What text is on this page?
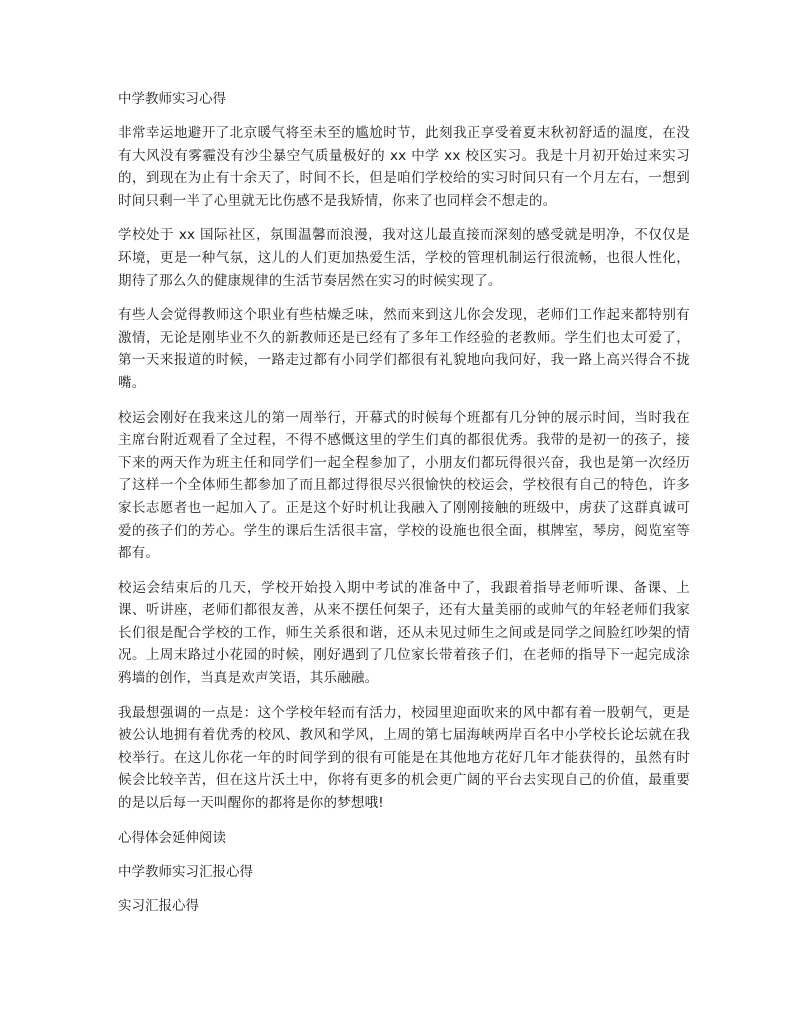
中学教师实习心得

非常幸运地避开了北京暖气将至未至的尴尬时节，此刻我正享受着夏末秋初舒适的温度，在没有大风没有雾霾没有沙尘暴空气质量极好的 xx 中学 xx 校区实习。我是十月初开始过来实习的，到现在为止有十余天了，时间不长，但是咱们学校给的实习时间只有一个月左右，一想到时间只剩一半了心里就无比伤感不是我矫情，你来了也同样会不想走的。

学校处于 xx 国际社区，氛围温馨而浪漫，我对这儿最直接而深刻的感受就是明净，不仅仅是环境，更是一种气氛，这儿的人们更加热爱生活，学校的管理机制运行很流畅，也很人性化，期待了那么久的健康规律的生活节奏居然在实习的时候实现了。

有些人会觉得教师这个职业有些枯燥乏味，然而来到这儿你会发现，老师们工作起来都特别有激情，无论是刚毕业不久的新教师还是已经有了多年工作经验的老教师。学生们也太可爱了，第一天来报道的时候，一路走过都有小同学们都很有礼貌地向我问好，我一路上高兴得合不拢嘴。

校运会刚好在我来这儿的第一周举行，开幕式的时候每个班都有几分钟的展示时间，当时我在主席台附近观看了全过程，不得不感慨这里的学生们真的都很优秀。我带的是初一的孩子，接下来的两天作为班主任和同学们一起全程参加了，小朋友们都玩得很兴奋，我也是第一次经历了这样一个全体师生都参加了而且都过得很尽兴很愉快的校运会，学校很有自己的特色，许多家长志愿者也一起加入了。正是这个好时机让我融入了刚刚接触的班级中，虏获了这群真诚可爱的孩子们的芳心。学生的课后生活很丰富，学校的设施也很全面，棋牌室，琴房，阅览室等都有。

校运会结束后的几天，学校开始投入期中考试的准备中了，我跟着指导老师听课、备课、上课、听讲座，老师们都很友善，从来不摆任何架子，还有大量美丽的或帅气的年轻老师们我家长们很是配合学校的工作，师生关系很和谐，还从未见过师生之间或是同学之间脸红吵架的情况。上周末路过小花园的时候，刚好遇到了几位家长带着孩子们，在老师的指导下一起完成涂鸦墙的创作，当真是欢声笑语，其乐融融。

我最想强调的一点是：这个学校年轻而有活力，校园里迎面吹来的风中都有着一股朝气，更是被公认地拥有着优秀的校风、教风和学风，上周的第七届海峡两岸百名中小学校长论坛就在我校举行。在这儿你花一年的时间学到的很有可能是在其他地方花好几年才能获得的，虽然有时候会比较辛苦，但在这片沃土中，你将有更多的机会更广阔的平台去实现自己的价值，最重要的是以后每一天叫醒你的都将是你的梦想哦!

心得体会延伸阅读
中学教师实习汇报心得
实习汇报心得
